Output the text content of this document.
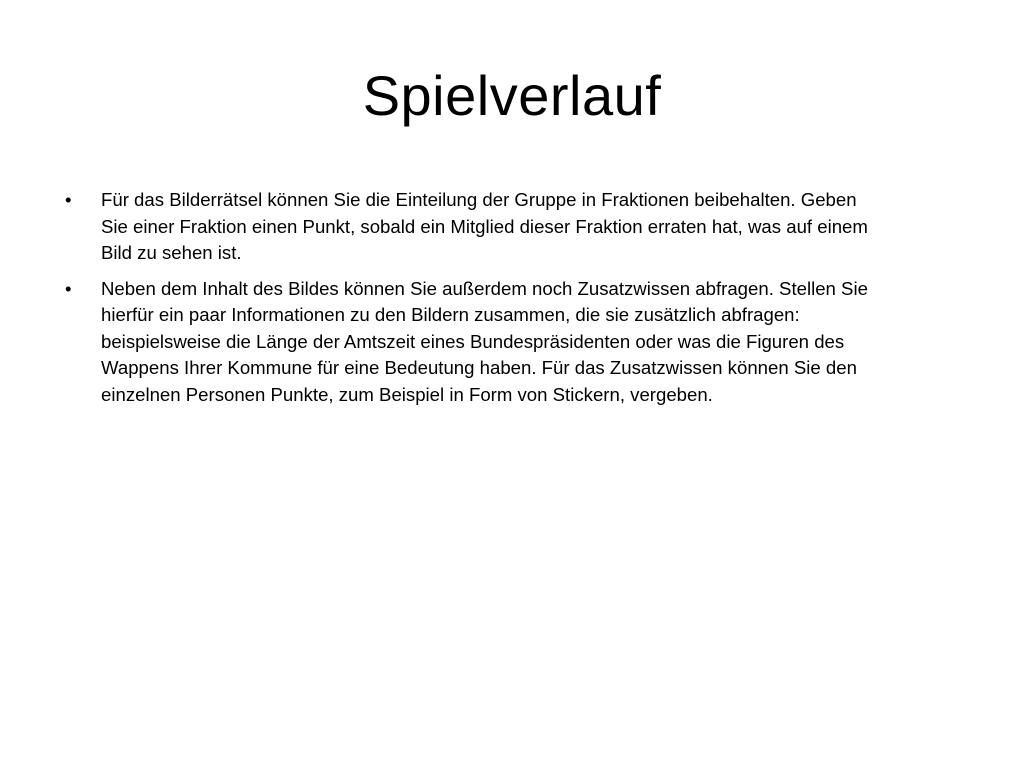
Spielverlauf
•	Für das Bilderrätsel können Sie die Einteilung der Gruppe in Fraktionen beibehalten. Geben
Sie einer Fraktion einen Punkt, sobald ein Mitglied dieser Fraktion erraten hat, was auf einem
Bild zu sehen ist.
•	Neben dem Inhalt des Bildes können Sie außerdem noch Zusatzwissen abfragen. Stellen Sie
hierfür ein paar Informationen zu den Bildern zusammen, die sie zusätzlich abfragen:
beispielsweise die Länge der Amtszeit eines Bundespräsidenten oder was die Figuren des
Wappens Ihrer Kommune für eine Bedeutung haben. Für das Zusatzwissen können Sie den
einzelnen Personen Punkte, zum Beispiel in Form von Stickern, vergeben.
